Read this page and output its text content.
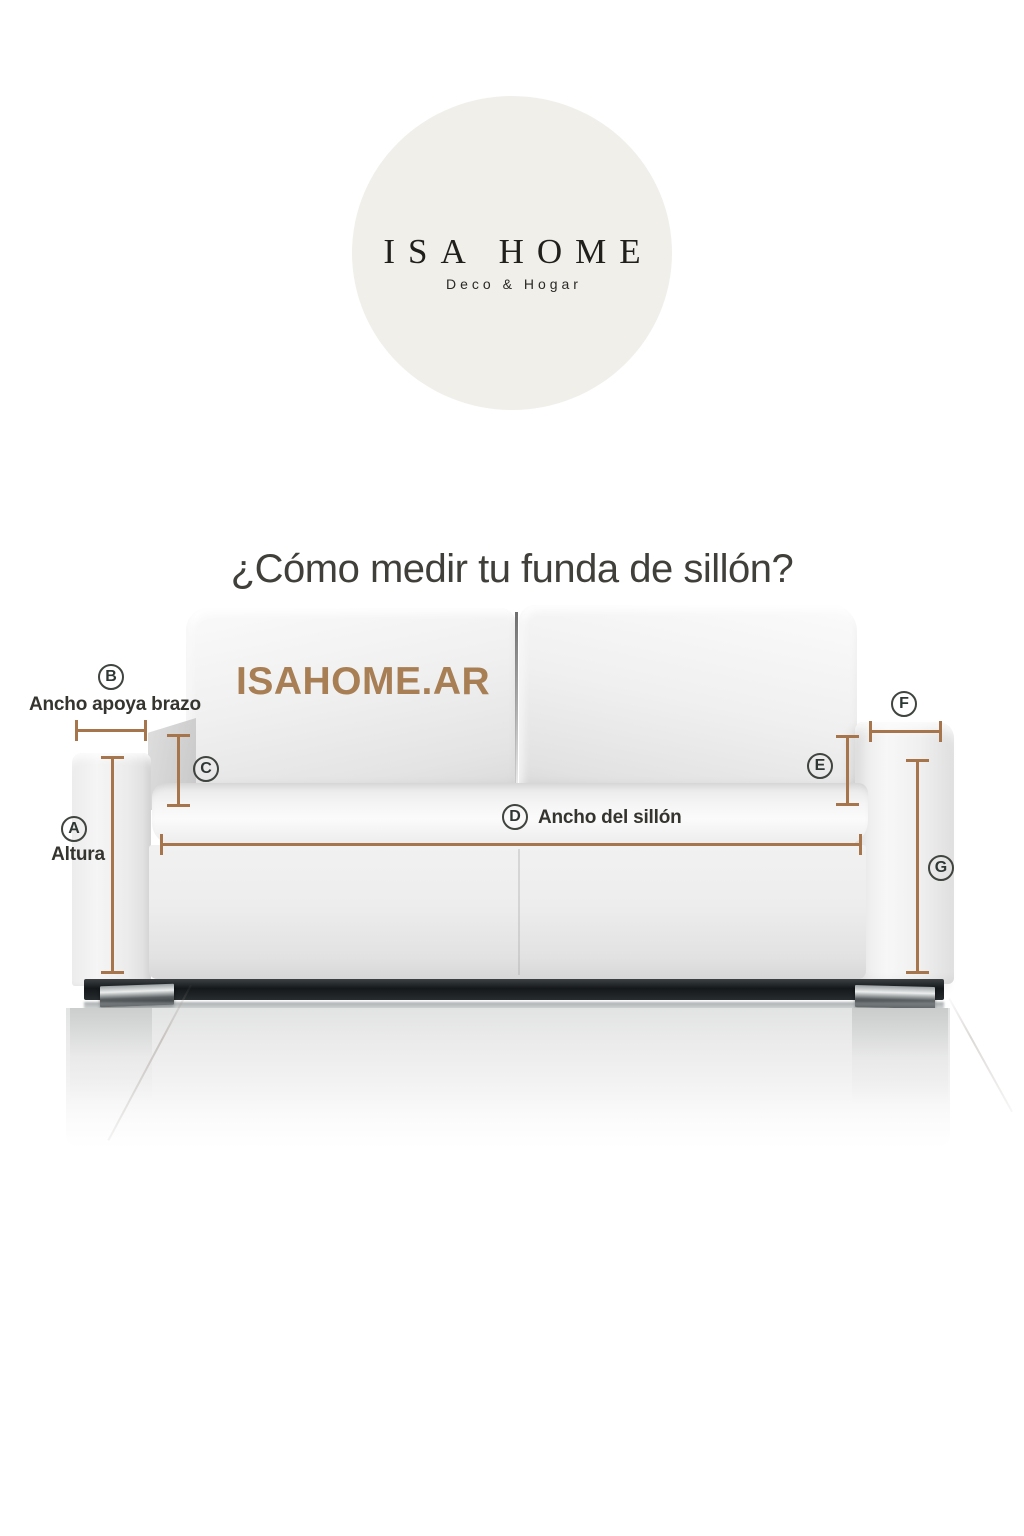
ISA HOME
Deco & Hogar
¿Cómo medir tu funda de sillón?
ISAHOME.AR
A
B
C
D
E
F
G
Ancho apoya brazo
Altura
Ancho del sillón
